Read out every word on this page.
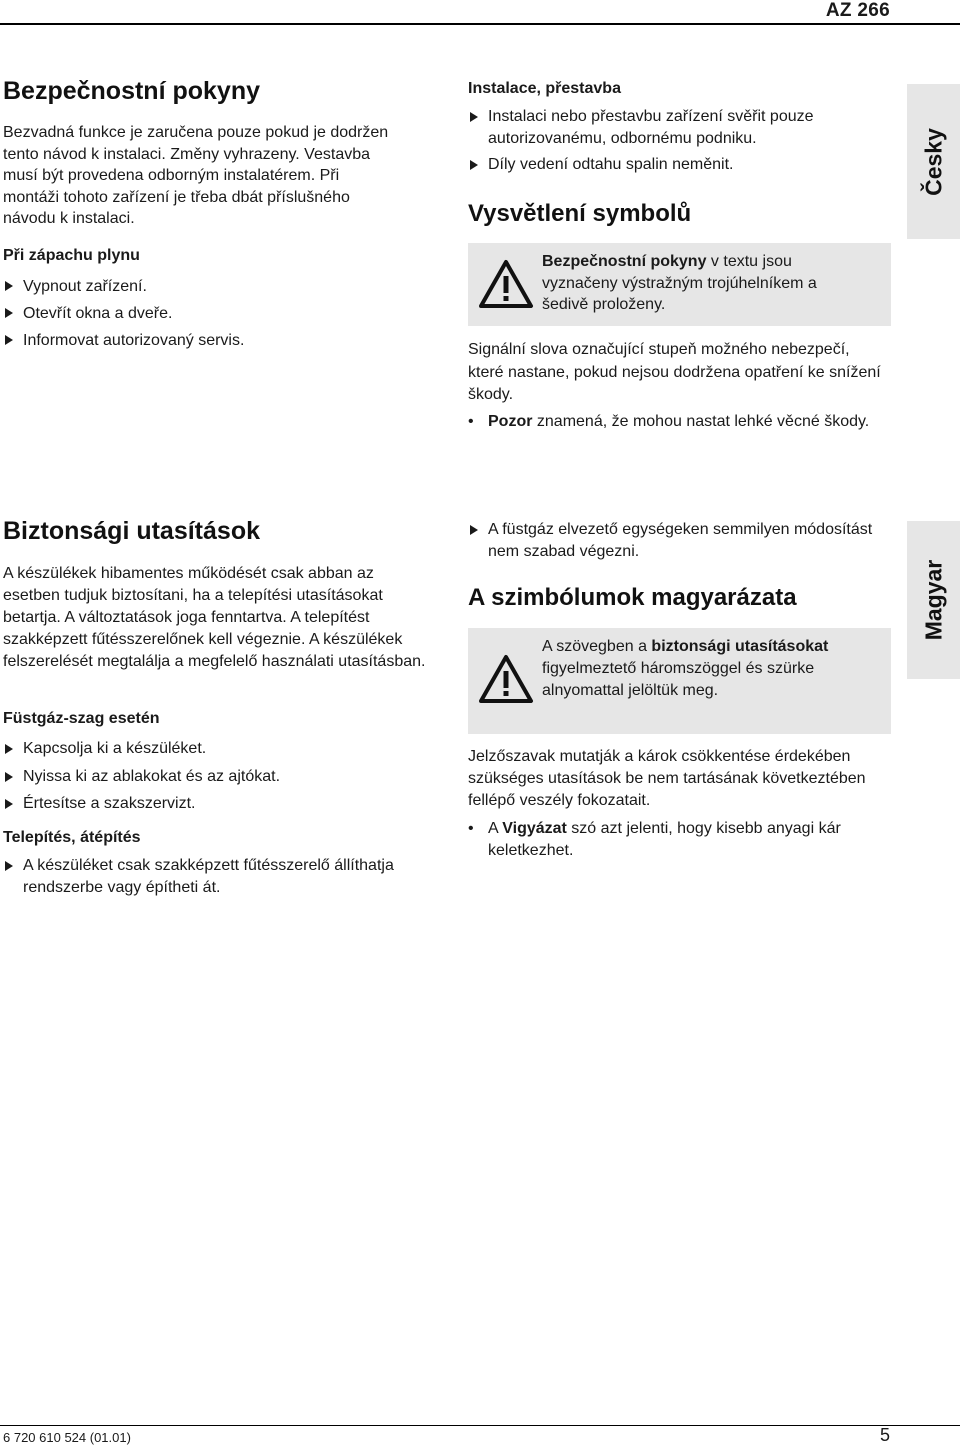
AZ 266
Česky
Bezpečnostní pokyny
Bezvadná funkce je zaručena pouze pokud je dodržen tento návod k instalaci. Změny vyhrazeny. Vestavba musí být provedena odborným instalatérem. Při montáži tohoto zařízení je třeba dbát příslušného návodu k instalaci.
Při zápachu plynu
Vypnout zařízení.
Otevřít okna a dveře.
Informovat autorizovaný servis.
Instalace, přestavba
Instalaci nebo přestavbu zařízení svěřit pouze autorizovanému, odbornému podniku.
Díly vedení odtahu spalin neměnit.
Vysvětlení symbolů
Bezpečnostní pokyny v textu jsou vyznačeny výstražným trojúhelníkem a šedivě proloženy.
Signální slova označující stupeň možného nebezpečí, které nastane, pokud nejsou dodržena opatření ke snížení škody.
• Pozor znamená, že mohou nastat lehké věcné škody.
Magyar
Biztonsági utasítások
A készülékek hibamentes működését csak abban az esetben tudjuk biztosítani, ha a telepítési utasításokat betartja. A változtatások joga fenntartva. A telepítést szakképzett fűtésszerelőnek kell végeznie. A készülékek felszerelését megtalálja a megfelelő használati utasításban.
Füstgáz-szag esetén
Kapcsolja ki a készüléket.
Nyissa ki az ablakokat és az ajtókat.
Értesítse a szakszervizt.
Telepítés, átépítés
A készüléket csak szakképzett fűtésszerelő állíthatja rendszerbe vagy építheti át.
A füstgáz elvezető egységeken semmilyen módosítást nem szabad végezni.
A szimbólumok magyarázata
A szövegben a biztonsági utasításokat figyelmeztető háromszöggel és szürke alnyomattal jelöltük meg.
Jelzőszavak mutatják a károk csökkentése érdekében szükséges utasítások be nem tartásának következtében fellépő veszély fokozatait.
• A Vigyázat szó azt jelenti, hogy kisebb anyagi kár keletkezhet.
6 720 610 524 (01.01)	5
